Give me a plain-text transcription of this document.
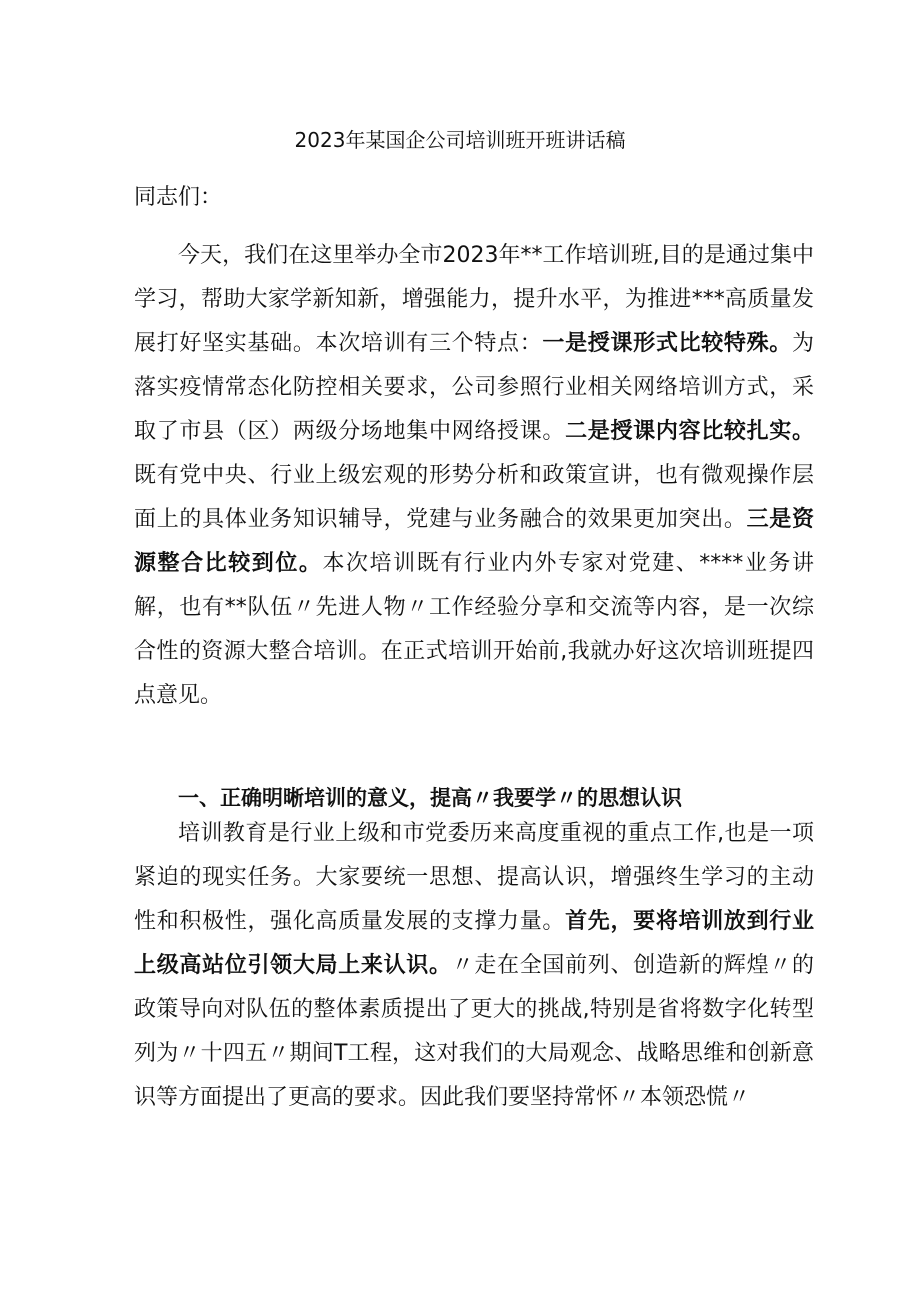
2023年某国企公司培训班开班讲话稿
同志们：

今天，我们在这里举办全市2023年**工作培训班,目的是通过集中学习，帮助大家学新知新，增强能力，提升水平，为推进***高质量发展打好坚实基础。本次培训有三个特点：一是授课形式比较特殊。为落实疫情常态化防控相关要求，公司参照行业相关网络培训方式，采取了市县（区）两级分场地集中网络授课。二是授课内容比较扎实。既有党中央、行业上级宏观的形势分析和政策宣讲，也有微观操作层面上的具体业务知识辅导，党建与业务融合的效果更加突出。三是资源整合比较到位。本次培训既有行业内外专家对党建、****业务讲解，也有**队伍〃先进人物〃工作经验分享和交流等内容，是一次综合性的资源大整合培训。在正式培训开始前,我就办好这次培训班提四点意见。

一、正确明晰培训的意义，提高〃我要学〃的思想认识

培训教育是行业上级和市党委历来高度重视的重点工作,也是一项紧迫的现实任务。大家要统一思想、提高认识，增强终生学习的主动性和积极性，强化高质量发展的支撑力量。首先，要将培训放到行业上级高站位引领大局上来认识。〃走在全国前列、创造新的辉煌〃的政策导向对队伍的整体素质提出了更大的挑战,特别是省将数字化转型列为〃十四五〃期间T工程，这对我们的大局观念、战略思维和创新意识等方面提出了更高的要求。因此我们要坚持常怀〃本领恐慌〃
